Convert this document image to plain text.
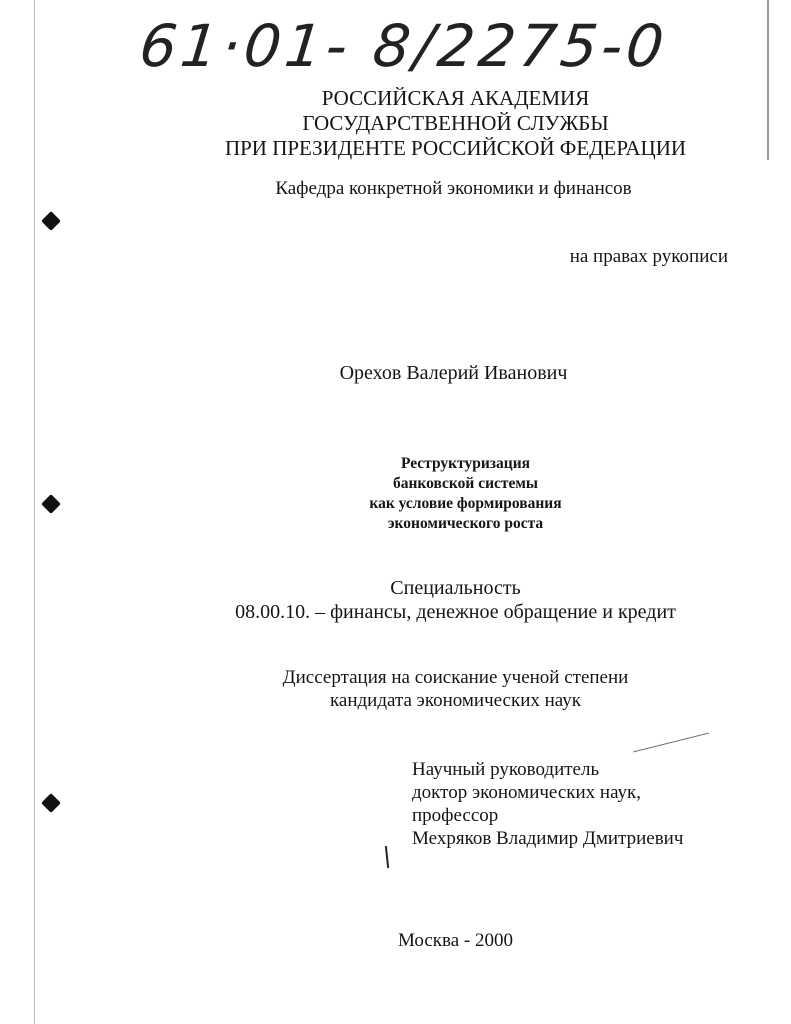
61·01- 8/2275-0
РОССИЙСКАЯ АКАДЕМИЯ
ГОСУДАРСТВЕННОЙ СЛУЖБЫ
ПРИ ПРЕЗИДЕНТЕ РОССИЙСКОЙ ФЕДЕРАЦИИ
Кафедра конкретной экономики и финансов
на правах рукописи
Орехов Валерий Иванович
Реструктуризация
банковской системы
как условие формирования
экономического роста
Специальность
08.00.10. – финансы, денежное обращение и кредит
Диссертация на соискание ученой степени
кандидата экономических наук
Научный руководитель
доктор экономических наук,
профессор
Мехряков Владимир Дмитриевич
Москва - 2000
